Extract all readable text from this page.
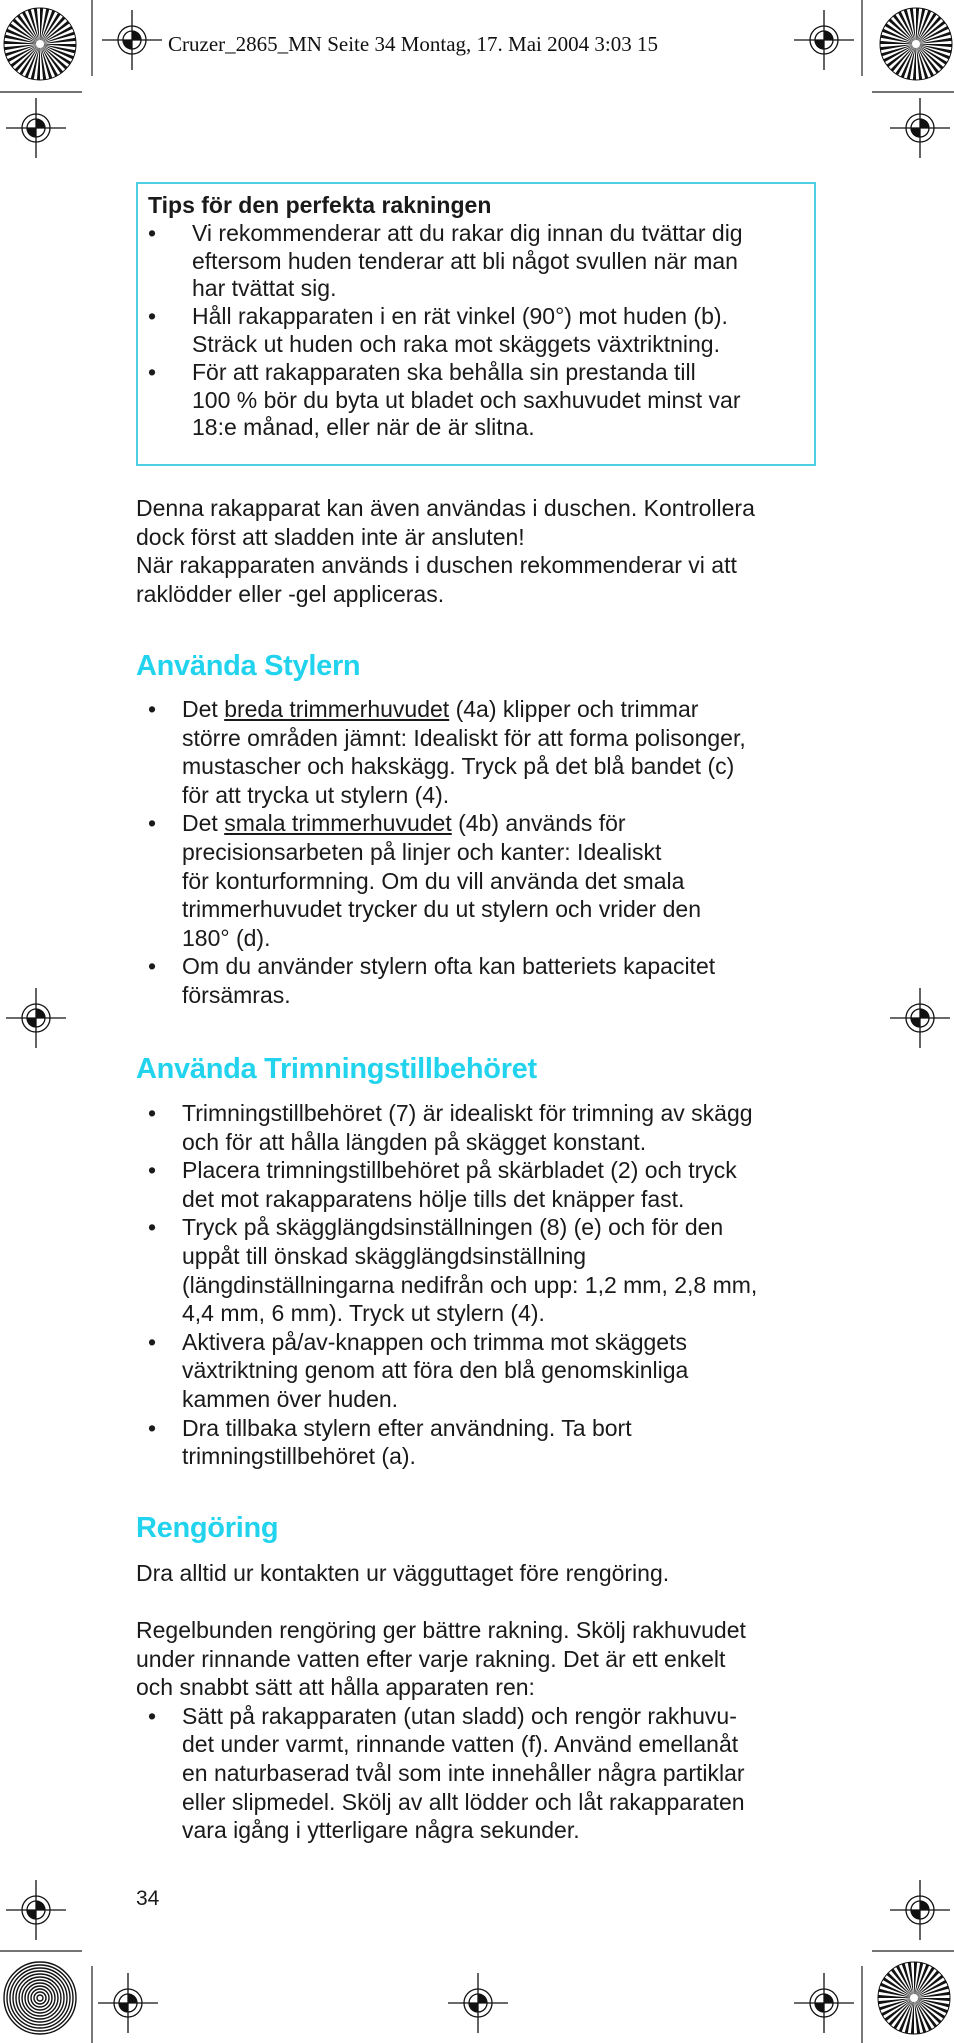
Cruzer_2865_MN Seite 34 Montag, 17. Mai 2004 3:03 15
Tips för den perfekta rakningen
• Vi rekommenderar att du rakar dig innan du tvättar dig
eftersom huden tenderar att bli något svullen när man
har tvättat sig.
• Håll rakapparaten i en rät vinkel (90°) mot huden (b).
Sträck ut huden och raka mot skäggets växtriktning.
• För att rakapparaten ska behålla sin prestanda till
100 % bör du byta ut bladet och saxhuvudet minst var
18:e månad, eller när de är slitna.

Denna rakapparat kan även användas i duschen. Kontrollera

dock först att sladden inte är ansluten!

När rakapparaten används i duschen rekommenderar vi att

raklödder eller -gel appliceras.

Använda Stylern
• Det breda trimmerhuvudet (4a) klipper och trimmar
större områden jämnt: Idealiskt för att forma polisonger,
mustascher och hakskägg. Tryck på det blå bandet (c)
för att trycka ut stylern (4).
• Det smala trimmerhuvudet (4b) används för
precisionsarbeten på linjer och kanter: Idealiskt
för konturformning. Om du vill använda det smala
trimmerhuvudet trycker du ut stylern och vrider den
180° (d).
• Om du använder stylern ofta kan batteriets kapacitet
försämras.
Använda Trimningstillbehöret
• Trimningstillbehöret (7) är idealiskt för trimning av skägg
och för att hålla längden på skägget konstant.
• Placera trimningstillbehöret på skärbladet (2) och tryck
det mot rakapparatens hölje tills det knäpper fast.
• Tryck på skägglängdsinställningen (8) (e) och för den
uppåt till önskad skägglängdsinställning
(längdinställningarna nedifrån och upp: 1,2 mm, 2,8 mm,
4,4 mm, 6 mm). Tryck ut stylern (4).
• Aktivera på/av-knappen och trimma mot skäggets
växtriktning genom att föra den blå genomskinliga
kammen över huden.
• Dra tillbaka stylern efter användning. Ta bort
trimningstillbehöret (a).
Rengöring

Dra alltid ur kontakten ur vägguttaget före rengöring.

Regelbunden rengöring ger bättre rakning. Skölj rakhuvudet

under rinnande vatten efter varje rakning. Det är ett enkelt

och snabbt sätt att hålla apparaten ren:

• Sätt på rakapparaten (utan sladd) och rengör rakhuvu-
det under varmt, rinnande vatten (f). Använd emellanåt
en naturbaserad tvål som inte innehåller några partiklar
eller slipmedel. Skölj av allt lödder och låt rakapparaten
vara igång i ytterligare några sekunder.
34
